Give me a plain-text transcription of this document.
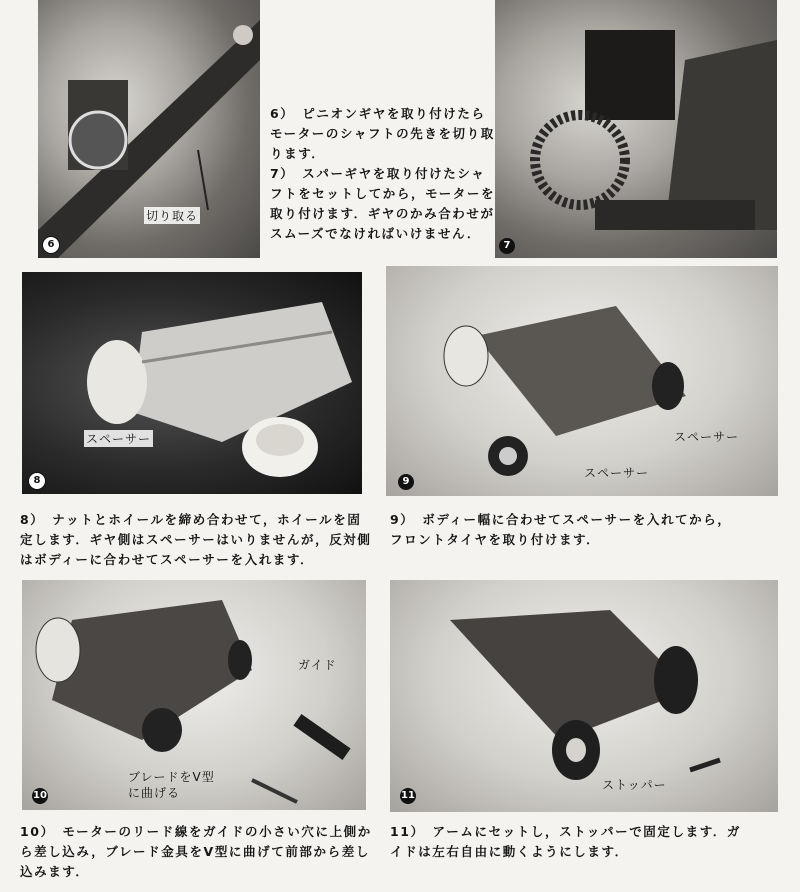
切り取る
6
6）　ピニオンギヤを取り付けたら
モーターのシャフトの先きを切り取
ります．
7）　スパーギヤを取り付けたシャ
フトをセットしてから，モーターを
取り付けます．ギヤのかみ合わせが
スムーズでなければいけません．
7
スペーサー
8
スペーサー
スペーサー
9
8）　ナットとホイールを締め合わせて，ホイールを固
定します．ギヤ側はスペーサーはいりませんが，反対側
はボディーに合わせてスペーサーを入れます．
9）　ボディー幅に合わせてスペーサーを入れてから，
フロントタイヤを取り付けます．
ガイド
ブレードをV型
に曲げる
10
ストッパー
11
10）　モーターのリード線をガイドの小さい穴に上側か
ら差し込み，ブレード金具をV型に曲げて前部から差し
込みます．
11）　アームにセットし，ストッパーで固定します．ガ
イドは左右自由に動くようにします．
